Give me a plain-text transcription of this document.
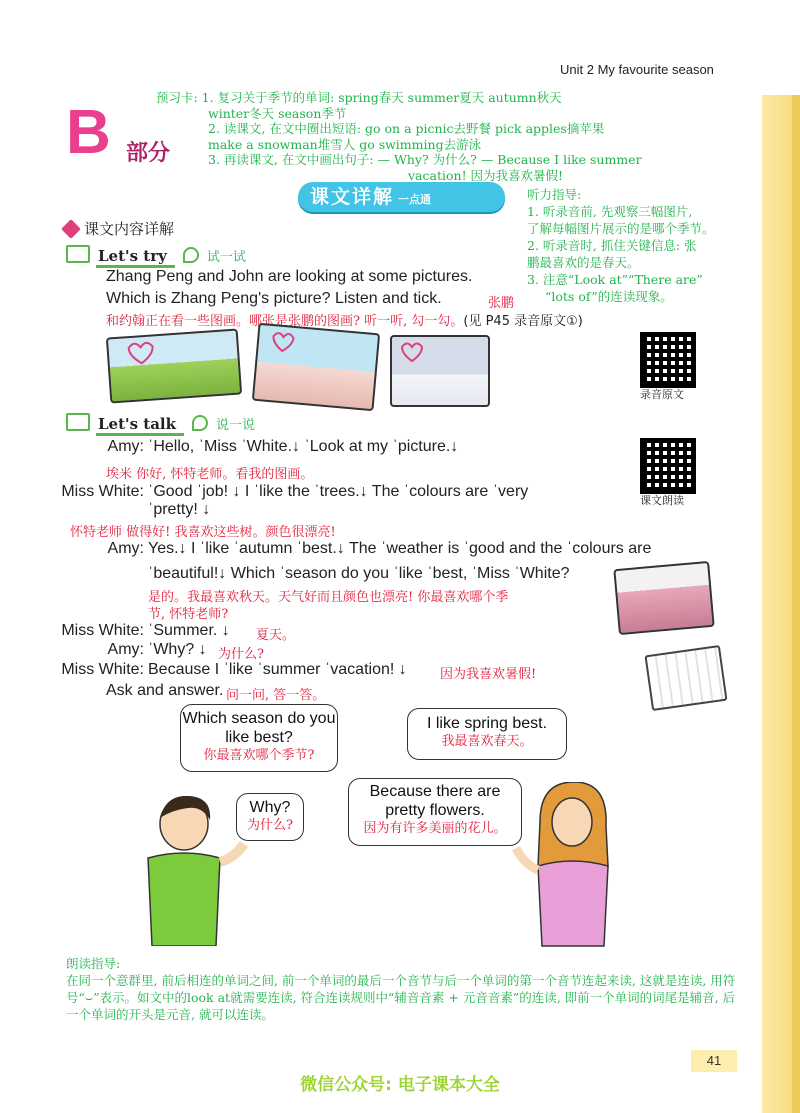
Unit 2 My favourite season
B 部分
预习卡: 1. 复习关于季节的单词: spring春天 summer夏天 autumn秋天
winter冬天 season季节
2. 读课文, 在文中圈出短语: go on a picnic去野餐 pick apples摘苹果
make a snowman堆雪人 go swimming去游泳
3. 再读课文, 在文中画出句子: — Why? 为什么? — Because I like summer
vacation! 因为我喜欢暑假!
课文详解 一点通	听力指导:
1. 听录音前, 先观察三幅图片,
了解每幅图片展示的是哪个季节。
2. 听录音时, 抓住关键信息: 张
鹏最喜欢的是春天。
3. 注意“Look at”“There are”
“lots of”的连读现象。
课文内容详解
Let's try	试一试
Zhang Peng and John are looking at some pictures.
Which is Zhang Peng's picture? Listen and tick.	张鹏
和约翰正在看一些图画。哪张是张鹏的图画? 听一听, 勾一勾。(见 P45 录音原文①)
录音原文
Let's talk	说一说
课文朗读
Amy: ˈHello, ˈMiss ˈWhite.↓ ˈLook at my ˈpicture.↓
埃米 你好, 怀特老师。看我的图画。
Miss White: ˈGood ˈjob! ↓ I ˈlike the ˈtrees.↓ The ˈcolours are ˈvery
ˈpretty! ↓
怀特老师 做得好! 我喜欢这些树。颜色很漂亮!
Amy: Yes.↓ I ˈlike ˈautumn ˈbest.↓ The ˈweather is ˈgood and the ˈcolours are
ˈbeautiful!↓ Which ˈseason do you ˈlike ˈbest, ˈMiss ˈWhite?
是的。我最喜欢秋天。天气好而且颜色也漂亮! 你最喜欢哪个季
节, 怀特老师?
Miss White: ˈSummer. ↓ 夏天。
Amy: ˈWhy? ↓ 为什么?
Miss White: Because I ˈlike ˈsummer ˈvacation! ↓	因为我喜欢暑假!
Ask and answer. 问一问, 答一答。
Which season do you like best?
你最喜欢哪个季节?
I like spring best.
我最喜欢春天。
Why?
为什么?
Because there are pretty flowers.
因为有许多美丽的花儿。
朗读指导:
在同一个意群里, 前后相连的单词之间, 前一个单词的最后一个音节与后一个单词的第一个音节连起来读, 这就是连读, 用符号“⌣”表示。如文中的look at就需要连读, 符合连读规则中“辅音音素 + 元音音素”的连读, 即前一个单词的词尾是辅音, 后一个单词的开头是元音, 就可以连读。
41
微信公众号: 电子课本大全
